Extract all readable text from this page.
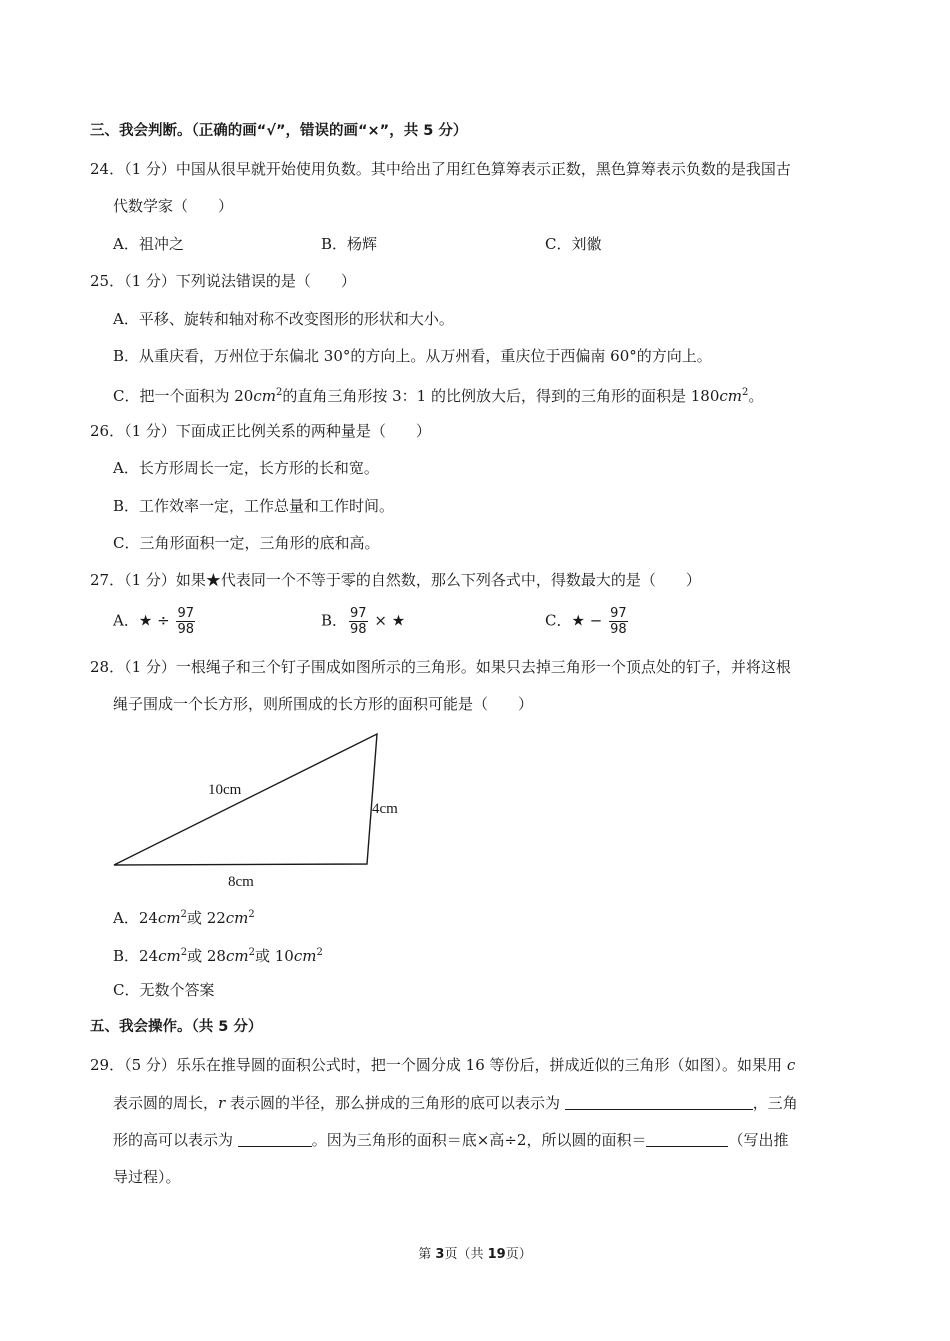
三、我会判断。（正确的画“√”，错误的画“×”，共 5 分）
24．（1 分）中国从很早就开始使用负数。其中给出了用红色算筹表示正数，黑色算筹表示负数的是我国古
代数学家（　　）
A．祖冲之	B．杨辉	C．刘徽
25．（1 分）下列说法错误的是（　　）
A．平移、旋转和轴对称不改变图形的形状和大小。
B．从重庆看，万州位于东偏北 30°的方向上。从万州看，重庆位于西偏南 60°的方向上。
C．把一个面积为 $20cm^2$的直角三角形按 3：1 的比例放大后，得到的三角形的面积是 $180cm^2$。
26．（1 分）下面成正比例关系的两种量是（　　）
A．长方形周长一定，长方形的长和宽。
B．工作效率一定，工作总量和工作时间。
C．三角形面积一定，三角形的底和高。
27．（1 分）如果★代表同一个不等于零的自然数，那么下列各式中，得数最大的是（　　）
A．★ ÷ $\frac{97}{98}$	B． $\frac{97}{98}$ × ★	C．★ − $\frac{97}{98}$
28．（1 分）一根绳子和三个钉子围成如图所示的三角形。如果只去掉三角形一个顶点处的钉子，并将这根
绳子围成一个长方形，则所围成的长方形的面积可能是（　　）
10cm
4cm
8cm
A．$24cm^2$或 $22cm^2$
B．$24cm^2$或 $28cm^2$或 $10cm^2$
C．无数个答案
五、我会操作。（共 5 分）
29．（5 分）乐乐在推导圆的面积公式时，把一个圆分成 16 等份后，拼成近似的三角形（如图）。如果用 c
表示圆的周长，r 表示圆的半径，那么拼成的三角形的底可以表示为	，三角
形的高可以表示为	。因为三角形的面积＝底×高÷2，所以圆的面积＝	（写出推
导过程）。
第 3页（共 19页）
